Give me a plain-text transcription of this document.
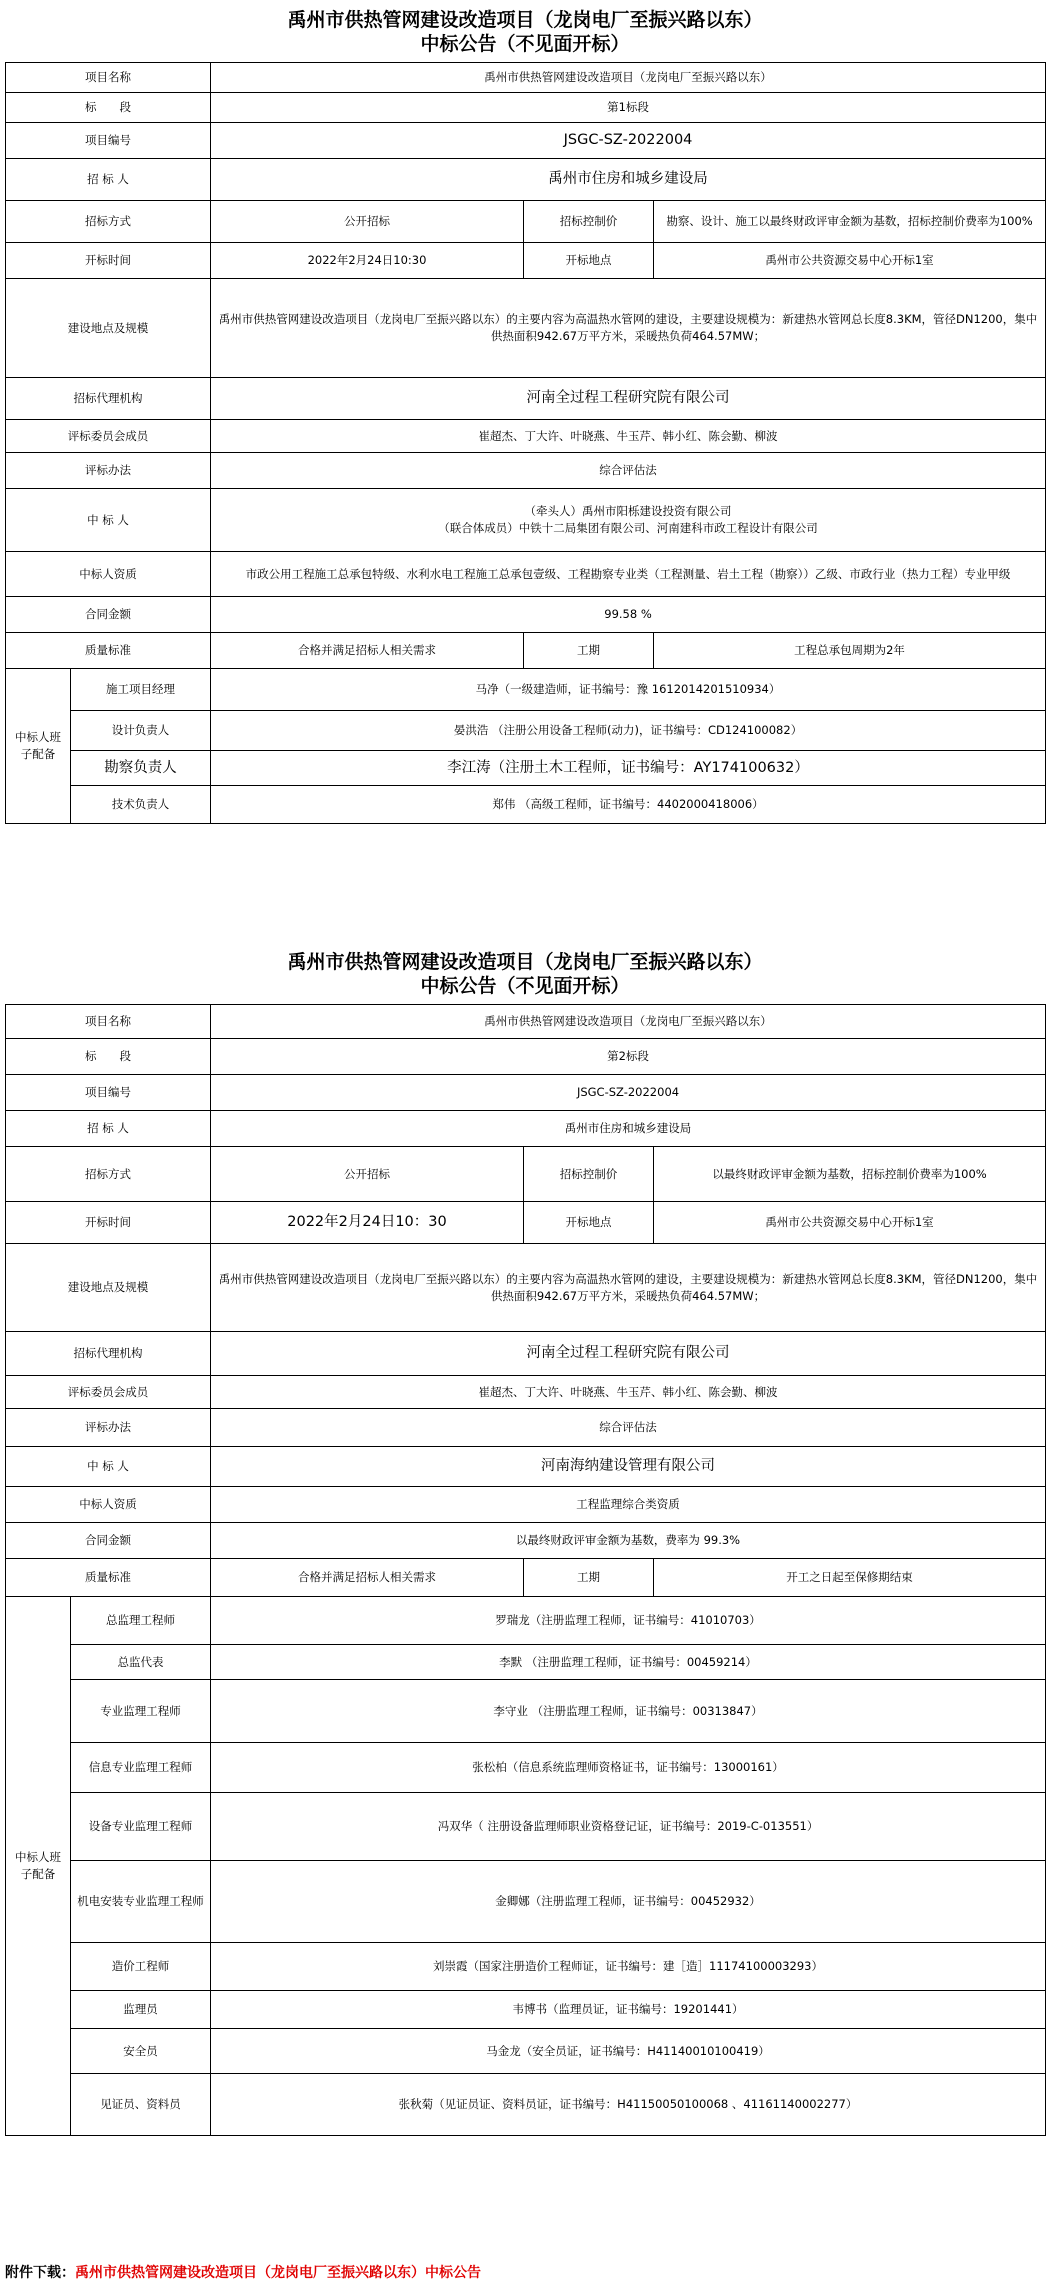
禹州市供热管网建设改造项目（龙岗电厂至振兴路以东）
中标公告（不见面开标）
项目名称		禹州市供热管网建设改造项目（龙岗电厂至振兴路以东）		
标　　段		第1标段		
项目编号		JSGC-SZ-2022004		
招 标 人		禹州市住房和城乡建设局		
招标方式		公开招标	招标控制价	勘察、设计、施工以最终财政评审金额为基数，招标控制价费率为100%
开标时间		2022年2月24日10:30	开标地点	禹州市公共资源交易中心开标1室
建设地点及规模		禹州市供热管网建设改造项目（龙岗电厂至振兴路以东）的主要内容为高温热水管网的建设，主要建设规模为：新建热水管网总长度8.3KM，管径DN1200，集中供热面积942.67万平方米，采暖热负荷464.57MW；		
招标代理机构		河南全过程工程研究院有限公司		
评标委员会成员		崔超杰、丁大许、叶晓燕、牛玉芹、韩小红、陈会勤、柳波		
评标办法		综合评估法		
中 标 人		（牵头人）禹州市阳栎建设投资有限公司
（联合体成员）中铁十二局集团有限公司、河南建科市政工程设计有限公司		

中标人资质		市政公用工程施工总承包特级、水利水电工程施工总承包壹级、工程勘察专业类（工程测量、岩土工程（勘察））乙级、市政行业（热力工程）专业甲级		
合同金额		99.58 %		
质量标准		合格并满足招标人相关需求	工期	工程总承包周期为2年
中标人班子配备	施工项目经理	马净（一级建造师，证书编号：豫 1612014201510934）		
	设计负责人	晏洪浩 （注册公用设备工程师(动力)，证书编号：CD124100082）		
	勘察负责人	李江涛（注册土木工程师，证书编号：AY174100632）		
	技术负责人	郑伟 （高级工程师，证书编号：4402000418006）		
禹州市供热管网建设改造项目（龙岗电厂至振兴路以东）
中标公告（不见面开标）
项目名称		禹州市供热管网建设改造项目（龙岗电厂至振兴路以东）		
标　　段		第2标段		
项目编号		JSGC-SZ-2022004		
招 标 人		禹州市住房和城乡建设局		
招标方式		公开招标	招标控制价	以最终财政评审金额为基数，招标控制价费率为100%
开标时间		2022年2月24日10：30	开标地点	禹州市公共资源交易中心开标1室
建设地点及规模		禹州市供热管网建设改造项目（龙岗电厂至振兴路以东）的主要内容为高温热水管网的建设，主要建设规模为：新建热水管网总长度8.3KM，管径DN1200，集中供热面积942.67万平方米，采暖热负荷464.57MW；		
招标代理机构		河南全过程工程研究院有限公司		
评标委员会成员		崔超杰、丁大许、叶晓燕、牛玉芹、韩小红、陈会勤、柳波		
评标办法		综合评估法		
中 标 人		河南海纳建设管理有限公司		
中标人资质		工程监理综合类资质		
合同金额		以最终财政评审金额为基数，费率为 99.3%		
质量标准		合格并满足招标人相关需求	工期	开工之日起至保修期结束
中标人班子配备	总监理工程师	罗瑞龙（注册监理工程师，证书编号：41010703）		
	总监代表	李默 （注册监理工程师，证书编号：00459214）		
	专业监理工程师	李守业 （注册监理工程师，证书编号：00313847）		
	信息专业监理工程师	张松柏（信息系统监理师资格证书，证书编号：13000161）		
	设备专业监理工程师	冯双华（ 注册设备监理师职业资格登记证，证书编号：2019-C-013551）		
	机电安装专业监理工程师	金卿娜（注册监理工程师，证书编号：00452932）		
	造价工程师	刘崇霞（国家注册造价工程师证，证书编号：建［造］11174100003293）		
	监理员	韦博书（监理员证，证书编号：19201441）		
	安全员	马金龙（安全员证，证书编号：H41140010100419）		
	见证员、资料员	张秋菊（见证员证、资料员证，证书编号：H41150050100068 、41161140002277）		
附件下载：禹州市供热管网建设改造项目（龙岗电厂至振兴路以东）中标公告
